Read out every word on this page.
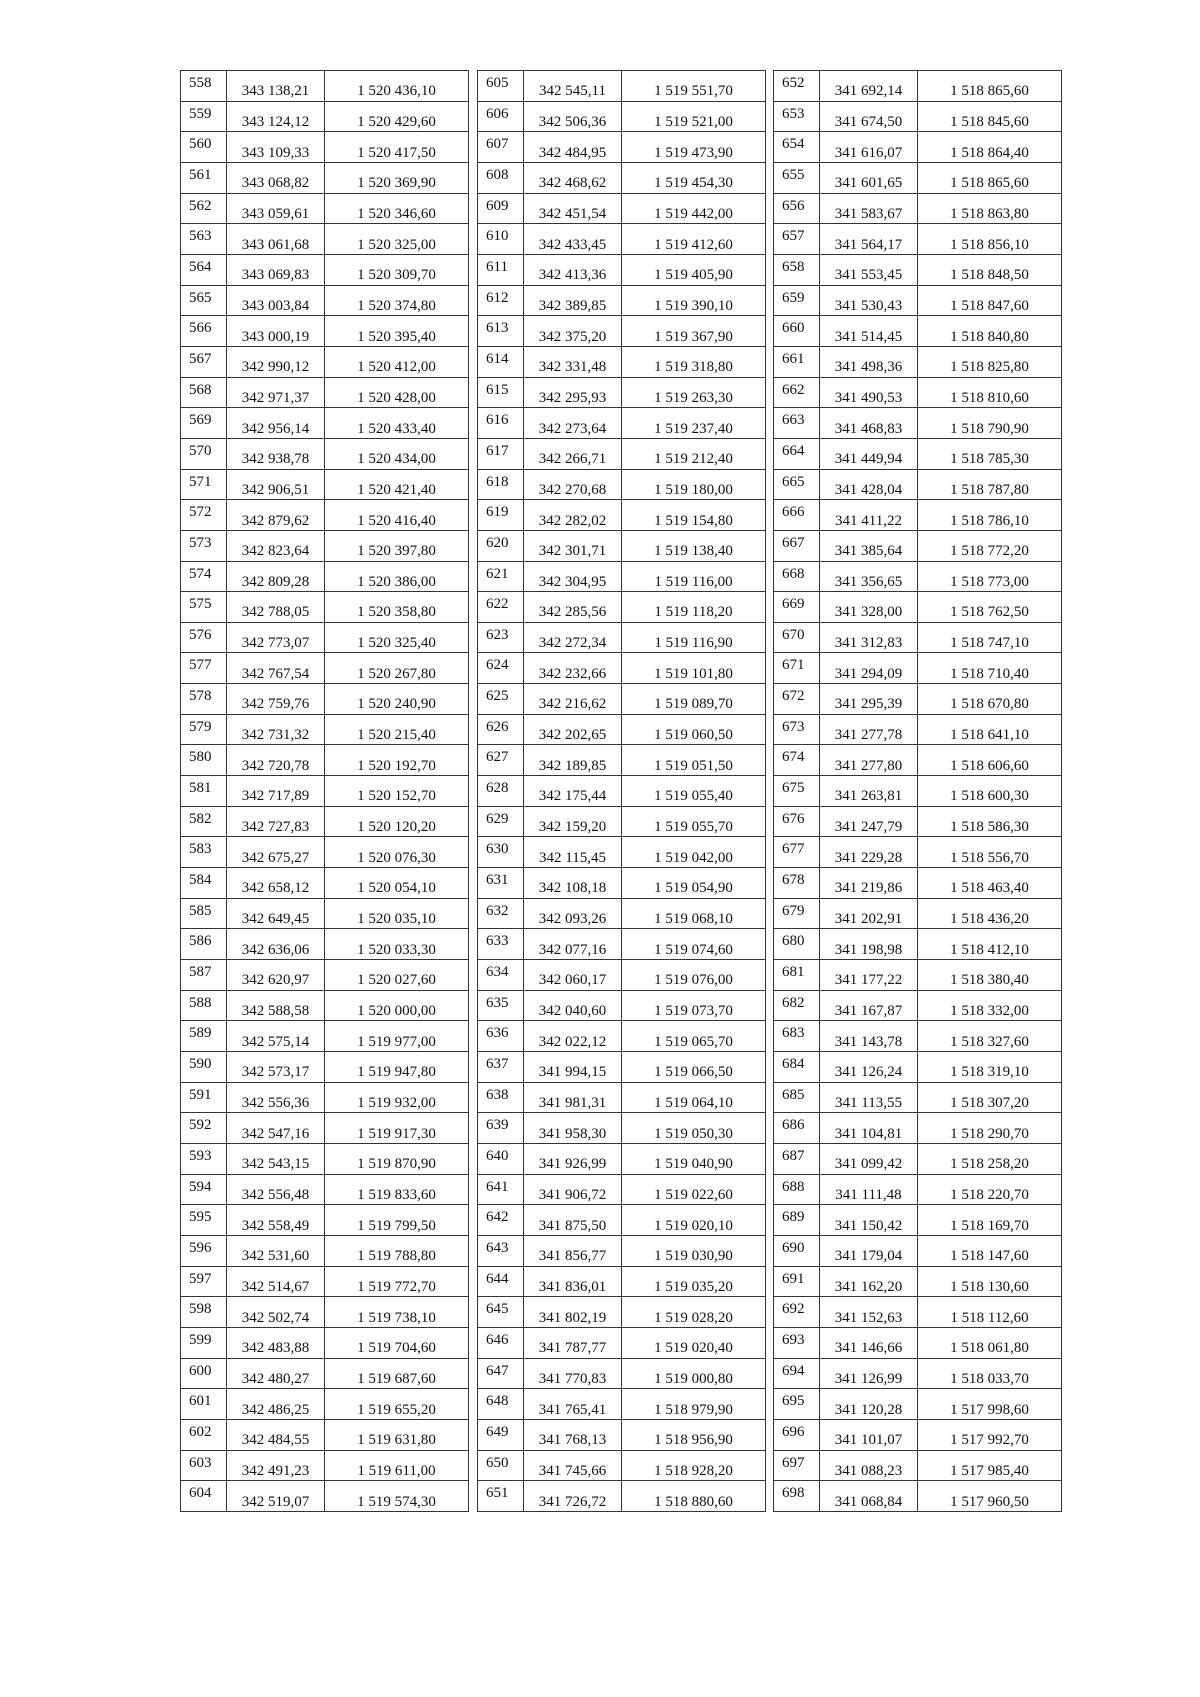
558	343 138,21	1 520 436,10
559	343 124,12	1 520 429,60
560	343 109,33	1 520 417,50
561	343 068,82	1 520 369,90
562	343 059,61	1 520 346,60
563	343 061,68	1 520 325,00
564	343 069,83	1 520 309,70
565	343 003,84	1 520 374,80
566	343 000,19	1 520 395,40
567	342 990,12	1 520 412,00
568	342 971,37	1 520 428,00
569	342 956,14	1 520 433,40
570	342 938,78	1 520 434,00
571	342 906,51	1 520 421,40
572	342 879,62	1 520 416,40
573	342 823,64	1 520 397,80
574	342 809,28	1 520 386,00
575	342 788,05	1 520 358,80
576	342 773,07	1 520 325,40
577	342 767,54	1 520 267,80
578	342 759,76	1 520 240,90
579	342 731,32	1 520 215,40
580	342 720,78	1 520 192,70
581	342 717,89	1 520 152,70
582	342 727,83	1 520 120,20
583	342 675,27	1 520 076,30
584	342 658,12	1 520 054,10
585	342 649,45	1 520 035,10
586	342 636,06	1 520 033,30
587	342 620,97	1 520 027,60
588	342 588,58	1 520 000,00
589	342 575,14	1 519 977,00
590	342 573,17	1 519 947,80
591	342 556,36	1 519 932,00
592	342 547,16	1 519 917,30
593	342 543,15	1 519 870,90
594	342 556,48	1 519 833,60
595	342 558,49	1 519 799,50
596	342 531,60	1 519 788,80
597	342 514,67	1 519 772,70
598	342 502,74	1 519 738,10
599	342 483,88	1 519 704,60
600	342 480,27	1 519 687,60
601	342 486,25	1 519 655,20
602	342 484,55	1 519 631,80
603	342 491,23	1 519 611,00
604	342 519,07	1 519 574,30
605	342 545,11	1 519 551,70
606	342 506,36	1 519 521,00
607	342 484,95	1 519 473,90
608	342 468,62	1 519 454,30
609	342 451,54	1 519 442,00
610	342 433,45	1 519 412,60
611	342 413,36	1 519 405,90
612	342 389,85	1 519 390,10
613	342 375,20	1 519 367,90
614	342 331,48	1 519 318,80
615	342 295,93	1 519 263,30
616	342 273,64	1 519 237,40
617	342 266,71	1 519 212,40
618	342 270,68	1 519 180,00
619	342 282,02	1 519 154,80
620	342 301,71	1 519 138,40
621	342 304,95	1 519 116,00
622	342 285,56	1 519 118,20
623	342 272,34	1 519 116,90
624	342 232,66	1 519 101,80
625	342 216,62	1 519 089,70
626	342 202,65	1 519 060,50
627	342 189,85	1 519 051,50
628	342 175,44	1 519 055,40
629	342 159,20	1 519 055,70
630	342 115,45	1 519 042,00
631	342 108,18	1 519 054,90
632	342 093,26	1 519 068,10
633	342 077,16	1 519 074,60
634	342 060,17	1 519 076,00
635	342 040,60	1 519 073,70
636	342 022,12	1 519 065,70
637	341 994,15	1 519 066,50
638	341 981,31	1 519 064,10
639	341 958,30	1 519 050,30
640	341 926,99	1 519 040,90
641	341 906,72	1 519 022,60
642	341 875,50	1 519 020,10
643	341 856,77	1 519 030,90
644	341 836,01	1 519 035,20
645	341 802,19	1 519 028,20
646	341 787,77	1 519 020,40
647	341 770,83	1 519 000,80
648	341 765,41	1 518 979,90
649	341 768,13	1 518 956,90
650	341 745,66	1 518 928,20
651	341 726,72	1 518 880,60
652	341 692,14	1 518 865,60
653	341 674,50	1 518 845,60
654	341 616,07	1 518 864,40
655	341 601,65	1 518 865,60
656	341 583,67	1 518 863,80
657	341 564,17	1 518 856,10
658	341 553,45	1 518 848,50
659	341 530,43	1 518 847,60
660	341 514,45	1 518 840,80
661	341 498,36	1 518 825,80
662	341 490,53	1 518 810,60
663	341 468,83	1 518 790,90
664	341 449,94	1 518 785,30
665	341 428,04	1 518 787,80
666	341 411,22	1 518 786,10
667	341 385,64	1 518 772,20
668	341 356,65	1 518 773,00
669	341 328,00	1 518 762,50
670	341 312,83	1 518 747,10
671	341 294,09	1 518 710,40
672	341 295,39	1 518 670,80
673	341 277,78	1 518 641,10
674	341 277,80	1 518 606,60
675	341 263,81	1 518 600,30
676	341 247,79	1 518 586,30
677	341 229,28	1 518 556,70
678	341 219,86	1 518 463,40
679	341 202,91	1 518 436,20
680	341 198,98	1 518 412,10
681	341 177,22	1 518 380,40
682	341 167,87	1 518 332,00
683	341 143,78	1 518 327,60
684	341 126,24	1 518 319,10
685	341 113,55	1 518 307,20
686	341 104,81	1 518 290,70
687	341 099,42	1 518 258,20
688	341 111,48	1 518 220,70
689	341 150,42	1 518 169,70
690	341 179,04	1 518 147,60
691	341 162,20	1 518 130,60
692	341 152,63	1 518 112,60
693	341 146,66	1 518 061,80
694	341 126,99	1 518 033,70
695	341 120,28	1 517 998,60
696	341 101,07	1 517 992,70
697	341 088,23	1 517 985,40
698	341 068,84	1 517 960,50
